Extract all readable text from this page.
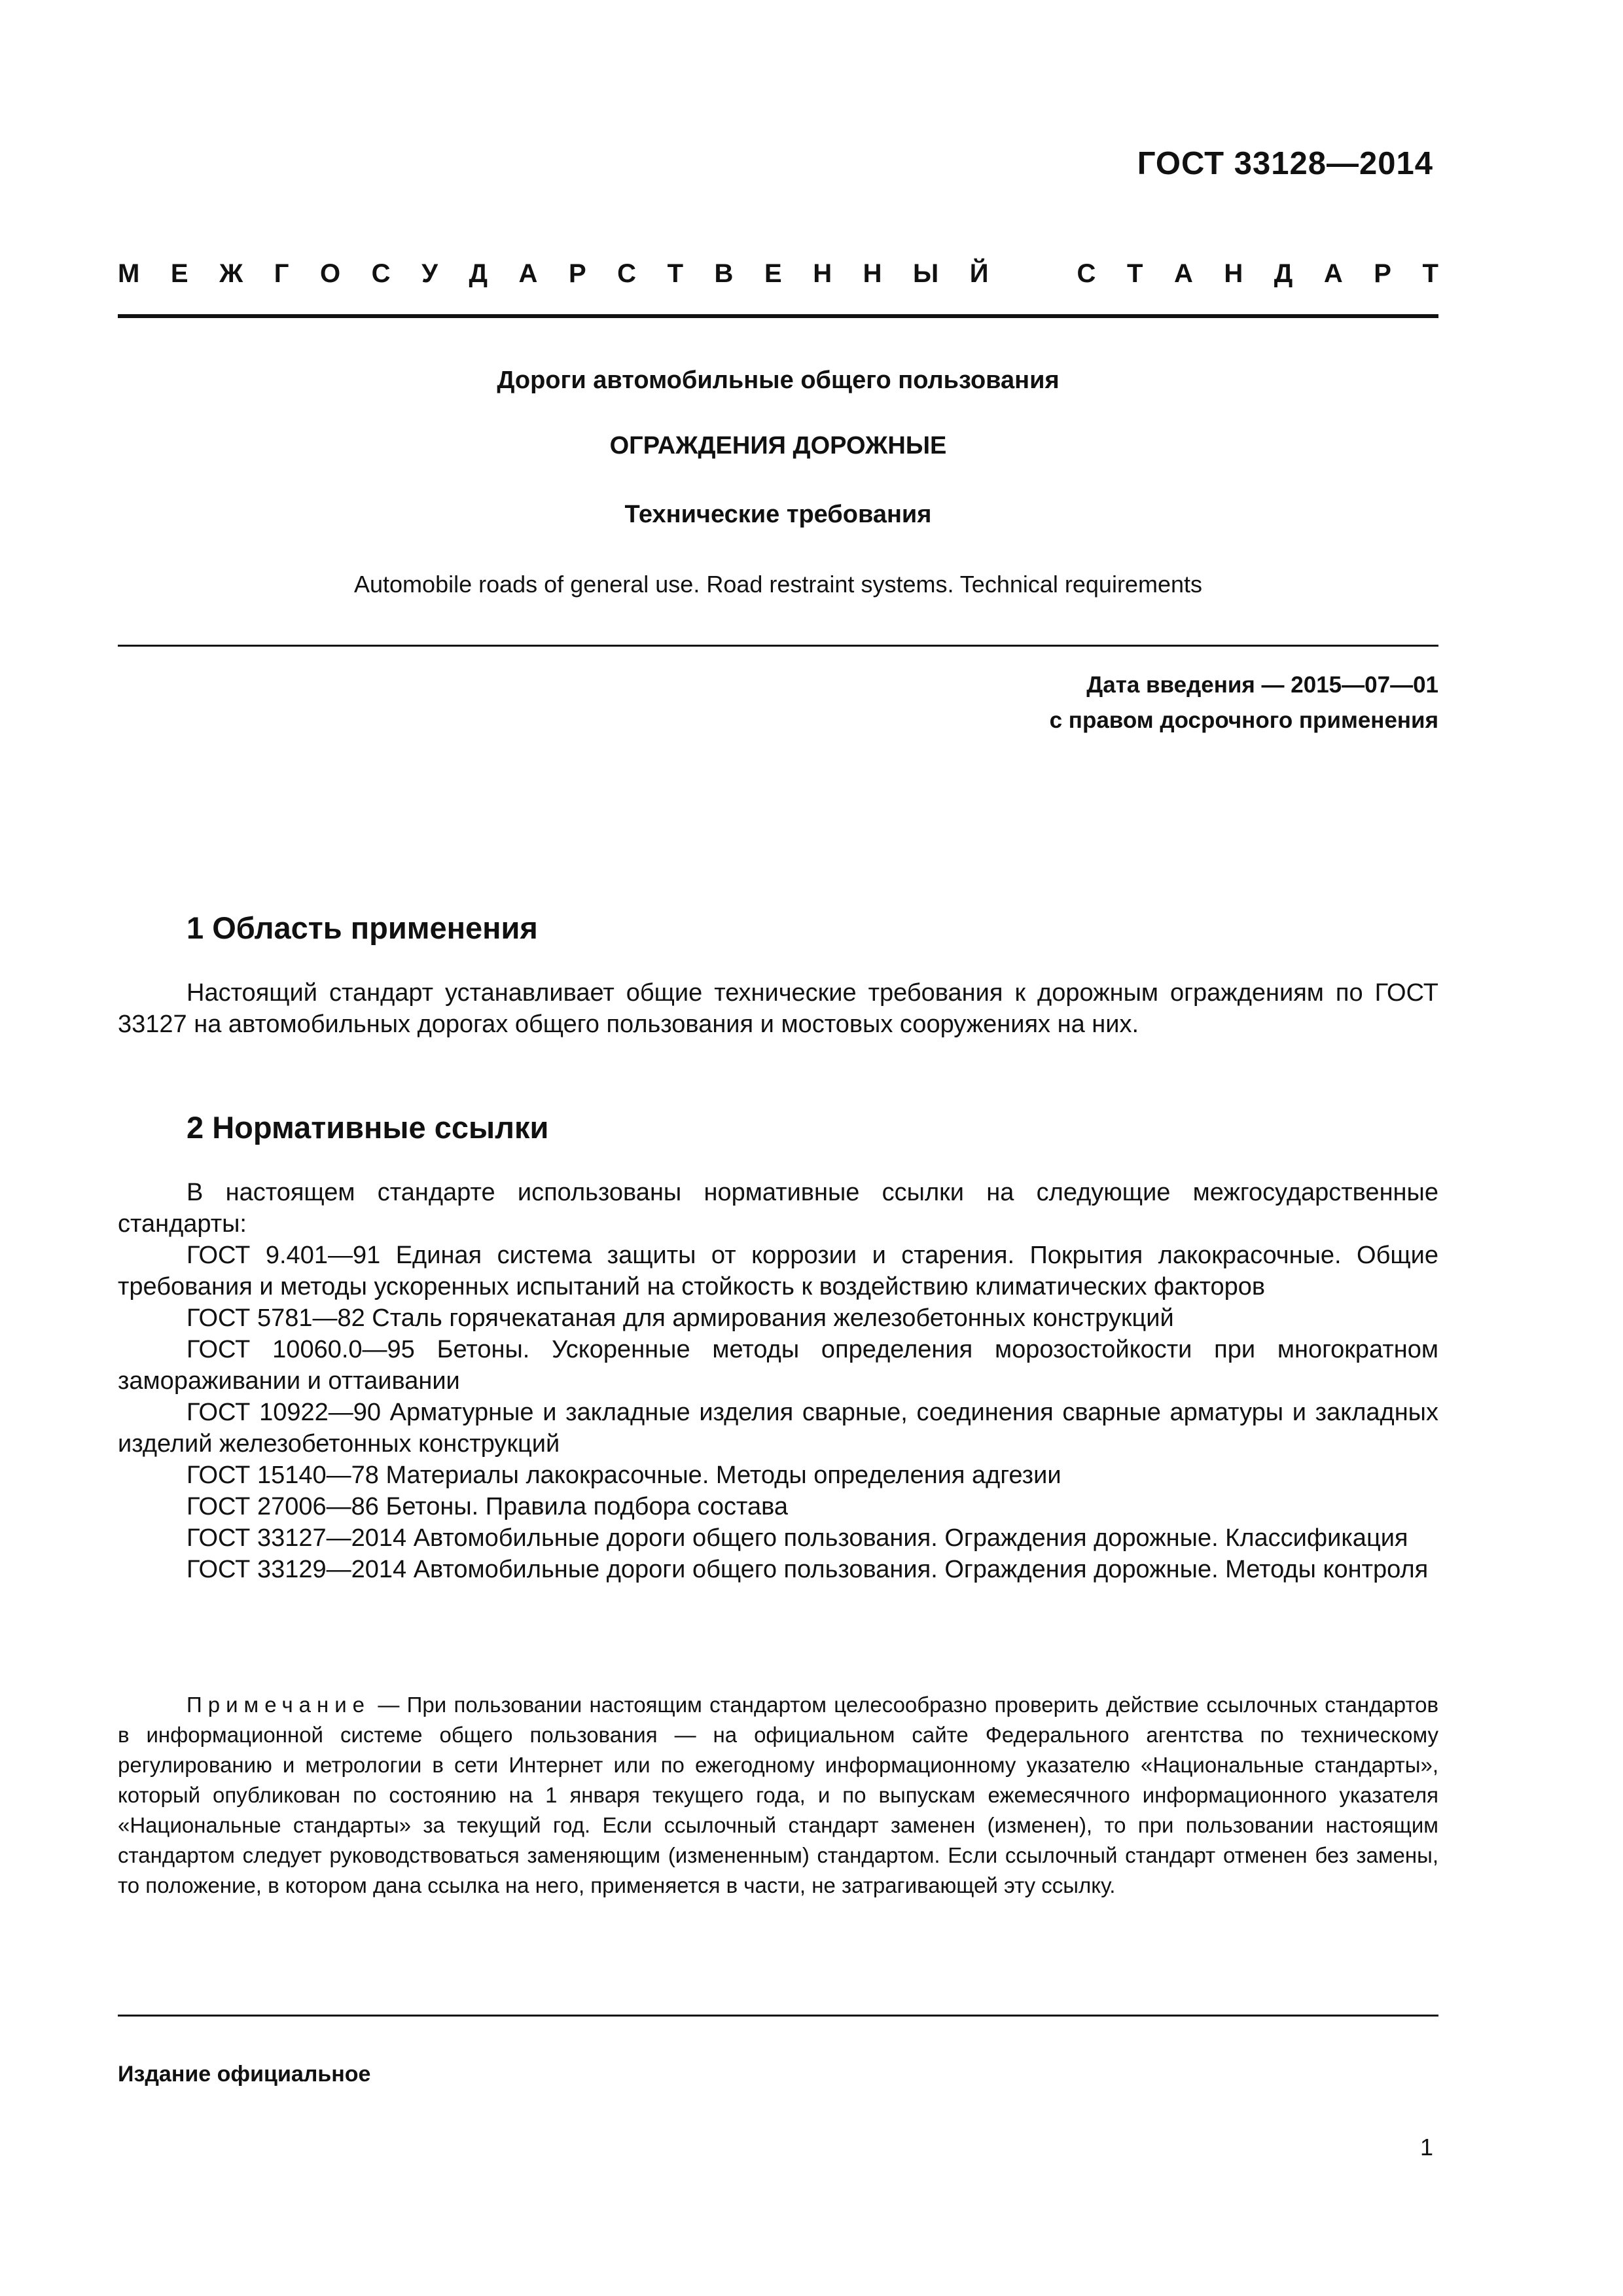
ГОСТ 33128—2014
М Е Ж Г О С У Д А Р С Т В Е Н Н Ы Й	С Т А Н Д А Р Т
Дороги автомобильные общего пользования
ОГРАЖДЕНИЯ ДОРОЖНЫЕ
Технические требования
Automobile roads of general use. Road restraint systems. Technical requirements
Дата введения — 2015—07—01
с правом досрочного применения
1 Область применения

Настоящий стандарт устанавливает общие технические требования к дорожным ограждениям по ГОСТ 33127 на автомобильных дорогах общего пользования и мостовых сооружениях на них.

2 Нормативные ссылки

В настоящем стандарте использованы нормативные ссылки на следующие межгосударственные стандарты:

ГОСТ 9.401—91 Единая система защиты от коррозии и старения. Покрытия лакокрасочные. Общие требования и методы ускоренных испытаний на стойкость к воздействию климатических факторов

ГОСТ 5781—82 Сталь горячекатаная для армирования железобетонных конструкций

ГОСТ 10060.0—95 Бетоны. Ускоренные методы определения морозостойкости при многократном замораживании и оттаивании

ГОСТ 10922—90 Арматурные и закладные изделия сварные, соединения сварные арматуры и закладных изделий железобетонных конструкций

ГОСТ 15140—78 Материалы лакокрасочные. Методы определения адгезии

ГОСТ 27006—86 Бетоны. Правила подбора состава

ГОСТ 33127—2014 Автомобильные дороги общего пользования. Ограждения дорожные. Классификация

ГОСТ 33129—2014 Автомобильные дороги общего пользования. Ограждения дорожные. Методы контроля

Примечание — При пользовании настоящим стандартом целесообразно проверить действие ссылочных стандартов в информационной системе общего пользования — на официальном сайте Федерального агентства по техническому регулированию и метрологии в сети Интернет или по ежегодному информационному указателю «Национальные стандарты», который опубликован по состоянию на 1 января текущего года, и по выпускам ежемесячного информационного указателя «Национальные стандарты» за текущий год. Если ссылочный стандарт заменен (изменен), то при пользовании настоящим стандартом следует руководствоваться заменяющим (измененным) стандартом. Если ссылочный стандарт отменен без замены, то положение, в котором дана ссылка на него, применяется в части, не затрагивающей эту ссылку.
Издание официальное
1
